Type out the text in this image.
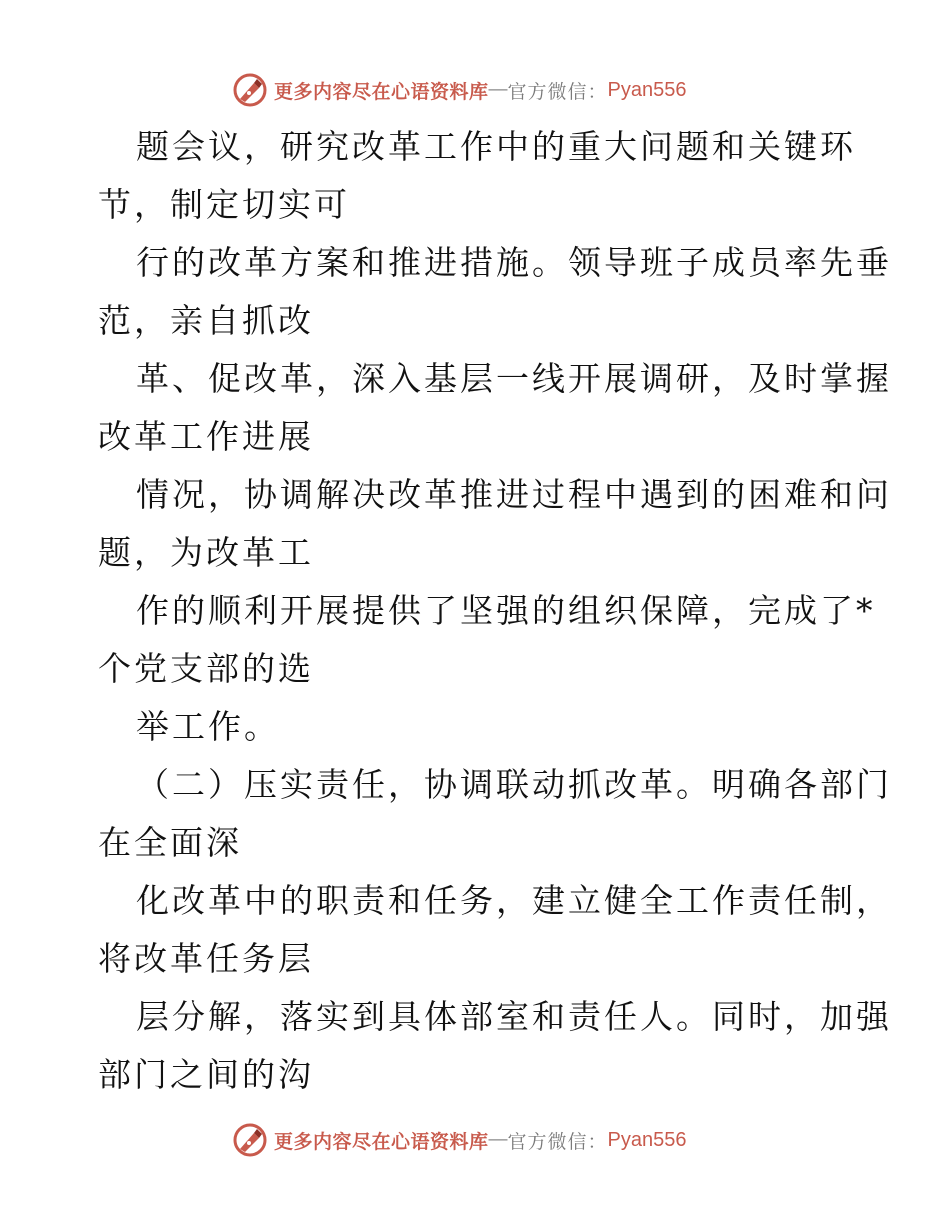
更多内容尽在心语资料库 — 官方微信： Pyan556
题会议，研究改革工作中的重大问题和关键环
节，制定切实可
行的改革方案和推进措施。领导班子成员率先垂
范，亲自抓改
革、促改革，深入基层一线开展调研，及时掌握
改革工作进展
情况，协调解决改革推进过程中遇到的困难和问
题，为改革工
作的顺利开展提供了坚强的组织保障，完成了*
个党支部的选
举工作。
（二）压实责任，协调联动抓改革。明确各部门
在全面深
化改革中的职责和任务，建立健全工作责任制，
将改革任务层
层分解，落实到具体部室和责任人。同时，加强
部门之间的沟
更多内容尽在心语资料库 — 官方微信： Pyan556
